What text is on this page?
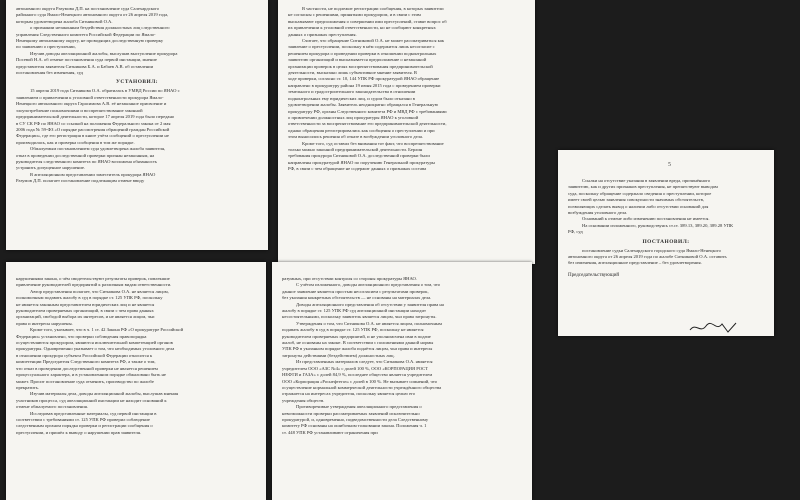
автономного округа Разумова Д.П. на постановление суда Салехардского

районного суда Ямало-Ненецкого автономного округа от 26 апреля 2019 года,

которым удовлетворена жалоба Ситниковой О.А.

о признании незаконным бездействия должностных лиц следственного

управления Следственного комитета Российской Федерации по Ямало-

Ненецкому автономному округу, не проводящих доследственную проверку

по заявлению о преступлении,

Изучив доводы апелляционной жалобы, выслушав выступление прокурора

Посевой Н.А. об отмене постановления суда первой инстанции, мнение

представителя заявителя Ситникова Б.А. и Бабаев А.В. об оставлении

постановления без изменения, суд

УСТАНОВИЛ:

15 апреля 2019 года Ситникова О.А. обратилась в УМВД России по ЯНАО с

заявлением о привлечении к уголовной ответственности прокурора Ямало-

Ненецкого автономного округа Гарасимова А.В. её незаконное присвоение и

злоупотребление полномочиями и воспрепятствование законной

предпринимательской деятельности, которое 17 апреля 2019 года было передано

в СУ СК РФ по ЯНАО со ссылкой на положения Федерального закона от 2 мая

2006 года № 59-ФЗ «О порядке рассмотрения обращений граждан Российской

Федерации», где его регистрация в книге учёта сообщений о преступлении не

производилась, как и проверка сообщения в том же порядке.

Обжалуемым постановлением суда удовлетворена жалоба заявителя,

отказ в проведении доследственной проверки признан незаконным, на

руководителя следственного комитета по ЯНАО возложена обязанность

устранить допущенное нарушение.

В апелляционном представлении заместитель прокурора ЯНАО

Разумов Д.П. полагает постановление подлежащим отмене ввиду

В частности, не подлежит регистрации сообщения, в которых заявители

не согласны с решениями, принятыми прокурором, и в связи с этим

высказывают предположения о совершении ими преступлений, ставят вопрос об

их привлечении к уголовной ответственности, но не сообщают конкретных

данных о признаках преступления.

Считает, что обращение Ситниковой О.А. не может рассматриваться как

заявление о преступлении, поскольку в нём содержится лишь несогласие с

решением прокурора о проведении проверки в отношении подконтрольных

заявителю организаций и высказывается предположение о незаконной

организации проверок в целях воспрепятствования предпринимательской

деятельности, высказано лишь субъективное мнение заявителя. В

ходе проверки, согласно ст. 10, 144 УПК РФ прокуратурой ЯНАО обращение

направлено в прокуратуру района 19 июня 2015 года с проведением проверки

земельного и градостроительного законодательства в отношении

подконтрольных ему юридических лиц, и судом было отказано в

удовлетворении жалобы. Заявитель неоднократно обращался в Генеральную

прокуратуру РФ, органы Следственного комитета РФ и МВД РФ с требованиями

о привлечении должностных лиц прокуратуры ЯНАО к уголовной

ответственности за воспрепятствование его предпринимательской деятельности,

однако обращения регистрировались как сообщения о преступлении и при

этом выносились решения об отказе в возбуждении уголовного дела.

Кроме того, суд оставил без внимания тот факт, что воспрепятствование

только можно законной предпринимательской деятельности. Берлин

требования прокурора Ситниковой О.А. доследственной проверки были

направлены прокуратурой ЯНАО по поручению Генеральной прокуратуры

РФ, в связи с чем обращение не содержит данных о признаках состава

5

Ссылки на отсутствие указания в заявлении вреда, причинённого

заявителю, как и других признаков преступления, не препятствуют выводам

суда, поскольку обращение содержало сведения о преступлении, которое

имеет своей целью заявления совокупности значимых обстоятельств,

позволяющих сделать вывод о наличии либо отсутствии оснований для

возбуждения уголовного дела.

Оснований к отмене либо изменению постановления не имеется.

На основании изложенного, руководствуясь ст.ст. 389.13, 389.20, 389.28 УПК

РФ, суд

ПОСТАНОВИЛ:

постановление судьи Салехардского городского суда Ямало-Ненецкого

автономного округа от 26 апреля 2019 года по жалобе Ситниковой О.А. оставить

без изменения, апелляционное представление – без удовлетворения.

Председательствующий

нарушениями закона, о чём свидетельствуют результаты проверок, повлекшие

привлечение руководителей предприятий к различным видам ответственности.

Автор представления полагает, что Ситникова О.А. не является лицом,

полномочным подавать жалобу в суд в порядке ст. 125 УПК РФ, поскольку

не является законным представителем юридических лиц и не является

руководителем проверяемых организаций, в связи с чем права данных

организаций, свободой выбора их интересов, и не является лицом, чьи

права и интересы нарушены.

Кроме того, указывает, что в ч. 1 ст. 42 Закона РФ «О прокуратуре Российской

Федерации» установлено, что проверки соблюдения правопорядка

осуществляются прокурором, являются исключительной компетенцией органов

прокуратуры. Одновременно указывает о том, что необходимых уголовного дела

в отношении прокурора субъекта Российской Федерации относится к

компетенции Председателя Следственного комитета РФ, а также о том,

что отказ в проведении доследственной проверки не является решением

процессуального характера, и в установленном порядке обжаловано быть не

может. Просит постановление суда отменить, производство по жалобе

прекратить.

Изучив материалы дела, доводы апелляционной жалобы, выслушав мнения

участников процесса, суд апелляционной инстанции не находит оснований к

отмене обжалуемого постановления.

Исследовав представленные материалы, суд первой инстанции в

соответствии с требованиями ст. 125 УПК РФ проверил соблюдение

следственным органом порядка проверки и регистрации сообщения о

преступлении, и пришёл к выводу о нарушении прав заявителя.

разумных, при отсутствии контроля со стороны прокуратуры ЯНАО.

С учётом изложенного, доводы апелляционного представления о том, что

данное заявление является простым несогласием с результатами проверок,

без указания конкретных обстоятельств — не основаны на материалах дела.

Доводы апелляционного представления об отсутствии у заявителя права на

жалобу в порядке ст. 125 УПК РФ суд апелляционной инстанции находит

несостоятельными, поскольку заявитель является лицом, чьи права затронуты.

Утверждения о том, что Ситникова О.А. не является лицом, полномочным

подавать жалобу в суд в порядке ст. 125 УПК РФ, поскольку не является

руководителем проверяемых предприятий, и не уполномочена ими в подаче

жалоб, не основаны на законе. В соответствии с положениями данной нормы

УПК РФ в указанном порядке жалоба подаётся лицом, чьи права и интересы

затронуты действиями (бездействием) должностных лиц.

Из представленных материалов следует, что Ситникова О.А. является

учредителем ООО «АЗС №4» с долей 100 %, ООО «КОРПОРАЦИЯ РОСТ

НЕФТИ и ГАЗА» с долей 84,9 %, последнее общество является учредителем

ООО «Корпорация «Роснефтегаз» с долей в 100 %. Не вызывает сомнений, что

осуществление нормальной коммерческой деятельности учреждённого общества

отражается на интересах учредителя, поскольку является целью его

учреждения обществ.

Противоречивые утверждения апелляционного представления о

невозможности проверки рассматриваемых заявлений исключительно

прокуратурой, и, одновременно, подведомственности дела Следственному

комитету РФ основаны на ошибочном толковании закона. Положения ч. 1

ст. 448 УПК РФ устанавливают ограничения при
